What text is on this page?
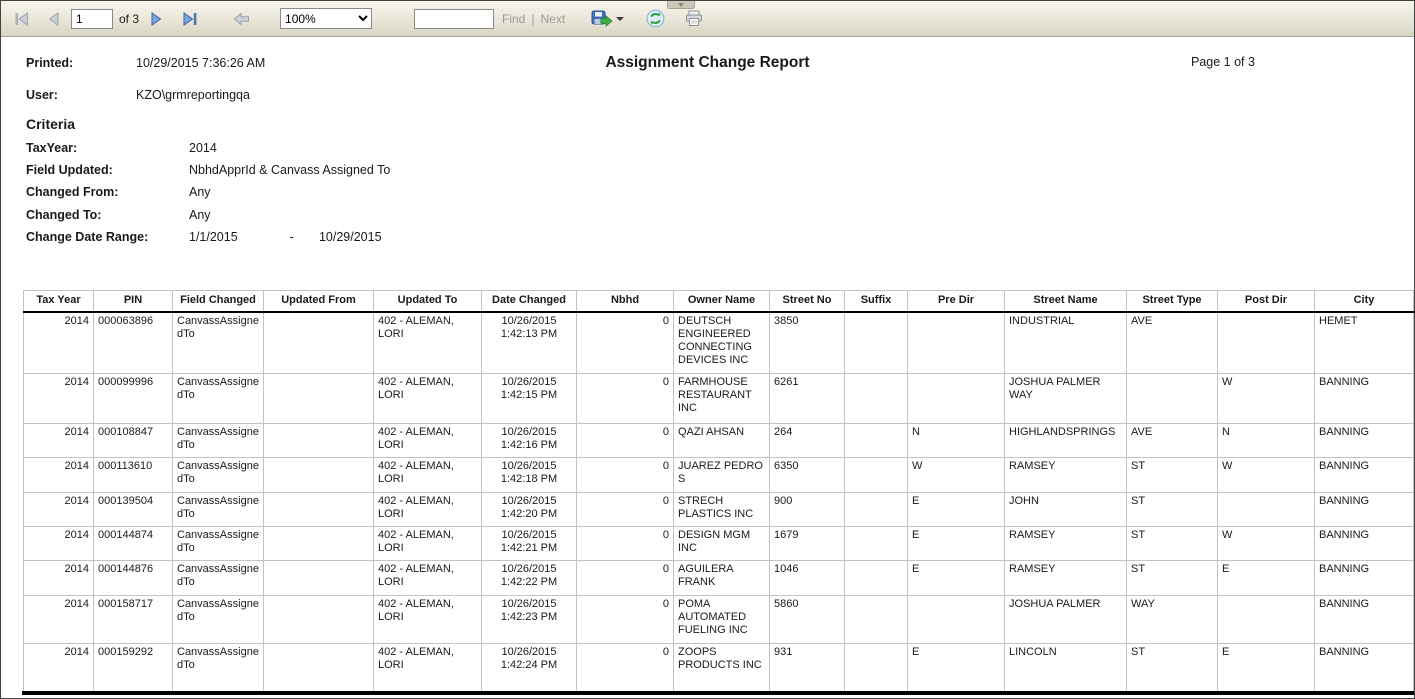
1
of 3
100%	Find | Next
Printed:	10/29/2015 7:36:26 AM	Assignment Change Report	Page 1 of 3
User:	KZO\grmreportingqa
Criteria
TaxYear:	2014
Field Updated:	NbhdApprId & Canvass Assigned To
Changed From:	Any
Changed To:	Any
Change Date Range:	1/1/2015	- 10/29/2015
Tax Year	PIN	Field Changed	Updated From	Updated To	Date Changed	Nbhd	Owner Name	Street No	Suffix	Pre Dir	Street Name	Street Type	Post Dir	City
2014	000063896	CanvassAssignedTo		402 - ALEMAN, LORI	10/26/2015 1:42:13 PM	0	DEUTSCH ENGINEERED CONNECTING DEVICES INC	3850			INDUSTRIAL	AVE		HEMET
2014	000099996	CanvassAssignedTo		402 - ALEMAN, LORI	10/26/2015 1:42:15 PM	0	FARMHOUSE RESTAURANT INC	6261			JOSHUA PALMER WAY		W	BANNING
2014	000108847	CanvassAssignedTo		402 - ALEMAN, LORI	10/26/2015 1:42:16 PM	0	QAZI AHSAN	264		N	HIGHLANDSPRINGS	AVE	N	BANNING
2014	000113610	CanvassAssignedTo		402 - ALEMAN, LORI	10/26/2015 1:42:18 PM	0	JUAREZ PEDRO S	6350		W	RAMSEY	ST	W	BANNING
2014	000139504	CanvassAssignedTo		402 - ALEMAN, LORI	10/26/2015 1:42:20 PM	0	STRECH PLASTICS INC	900		E	JOHN	ST		BANNING
2014	000144874	CanvassAssignedTo		402 - ALEMAN, LORI	10/26/2015 1:42:21 PM	0	DESIGN MGM INC	1679		E	RAMSEY	ST	W	BANNING
2014	000144876	CanvassAssignedTo		402 - ALEMAN, LORI	10/26/2015 1:42:22 PM	0	AGUILERA FRANK	1046		E	RAMSEY	ST	E	BANNING
2014	000158717	CanvassAssignedTo		402 - ALEMAN, LORI	10/26/2015 1:42:23 PM	0	POMA AUTOMATED FUELING INC	5860			JOSHUA PALMER	WAY		BANNING
2014	000159292	CanvassAssignedTo		402 - ALEMAN, LORI	10/26/2015 1:42:24 PM	0	ZOOPS PRODUCTS INC	931		E	LINCOLN	ST	E	BANNING
